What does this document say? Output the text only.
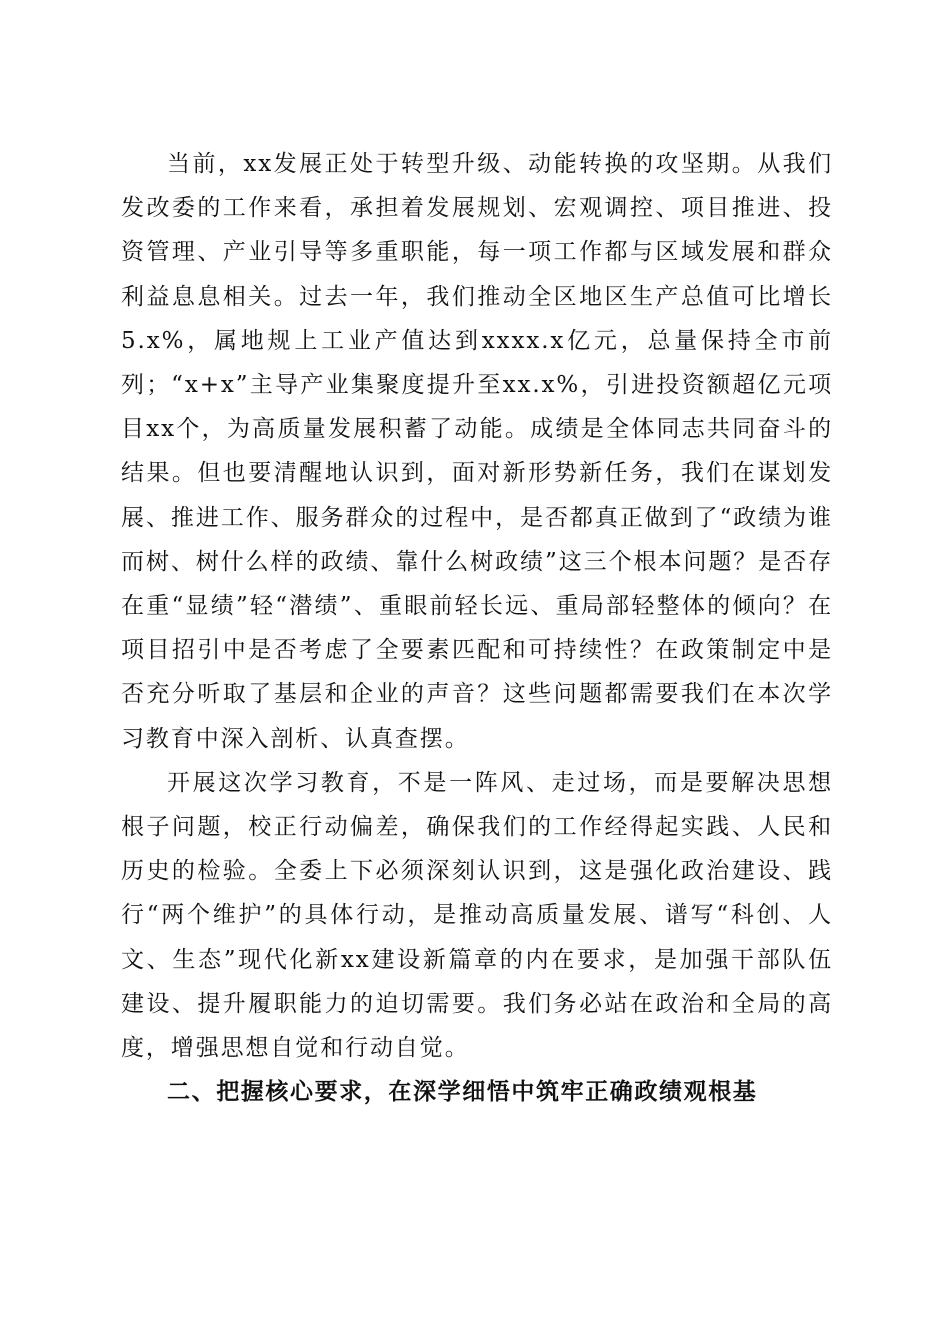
当前，xx发展正处于转型升级、动能转换的攻坚期。从我们发改委的工作来看，承担着发展规划、宏观调控、项目推进、投资管理、产业引导等多重职能，每一项工作都与区域发展和群众利益息息相关。过去一年，我们推动全区地区生产总值可比增长5.x%，属地规上工业产值达到xxxx.x亿元，总量保持全市前列；“x+x”主导产业集聚度提升至xx.x%，引进投资额超亿元项目xx个，为高质量发展积蓄了动能。成绩是全体同志共同奋斗的结果。但也要清醒地认识到，面对新形势新任务，我们在谋划发展、推进工作、服务群众的过程中，是否都真正做到了“政绩为谁而树、树什么样的政绩、靠什么树政绩”这三个根本问题？是否存在重“显绩”轻“潜绩”、重眼前轻长远、重局部轻整体的倾向？在项目招引中是否考虑了全要素匹配和可持续性？在政策制定中是否充分听取了基层和企业的声音？这些问题都需要我们在本次学习教育中深入剖析、认真查摆。

开展这次学习教育，不是一阵风、走过场，而是要解决思想根子问题，校正行动偏差，确保我们的工作经得起实践、人民和历史的检验。全委上下必须深刻认识到，这是强化政治建设、践行“两个维护”的具体行动，是推动高质量发展、谱写“科创、人文、生态”现代化新xx建设新篇章的内在要求，是加强干部队伍建设、提升履职能力的迫切需要。我们务必站在政治和全局的高度，增强思想自觉和行动自觉。

二、把握核心要求，在深学细悟中筑牢正确政绩观根基
